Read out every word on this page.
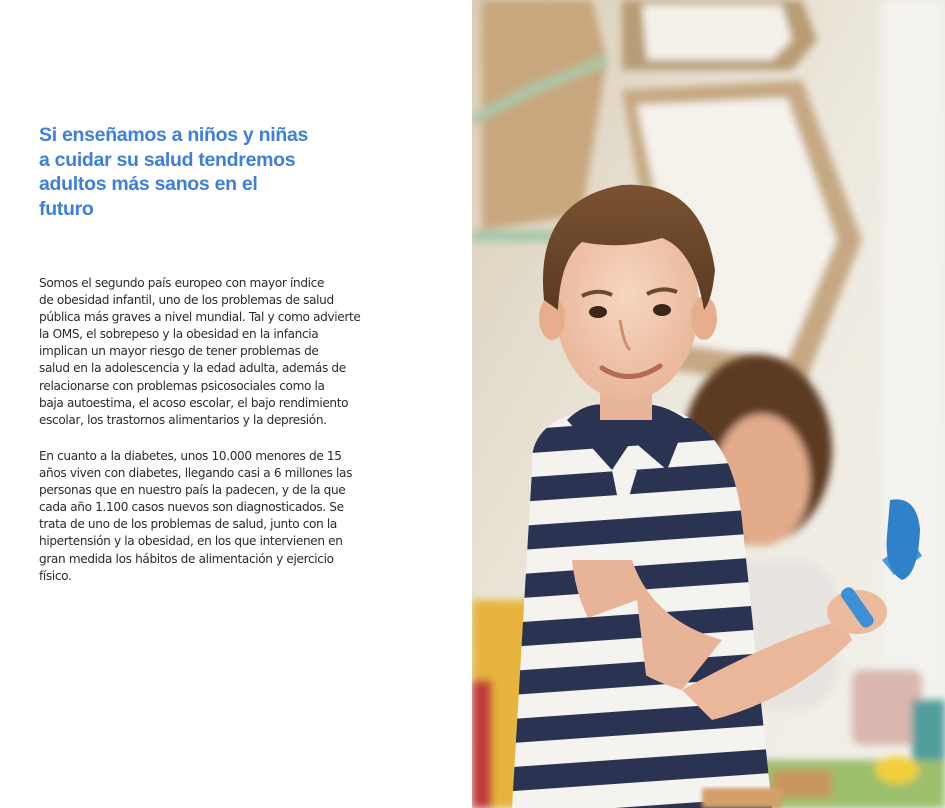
Si enseñamos a niños y niñas
a cuidar su salud tendremos
adultos más sanos en el
futuro
Somos el segundo país europeo con mayor índice
de obesidad infantil, uno de los problemas de salud
pública más graves a nivel mundial. Tal y como advierte
la OMS, el sobrepeso y la obesidad en la infancia
implican un mayor riesgo de tener problemas de
salud en la adolescencia y la edad adulta, además de
relacionarse con problemas psicosociales como la
baja autoestima, el acoso escolar, el bajo rendimiento
escolar, los trastornos alimentarios y la depresión.
En cuanto a la diabetes, unos 10.000 menores de 15
años viven con diabetes, llegando casi a 6 millones las
personas que en nuestro país la padecen, y de la que
cada año 1.100 casos nuevos son diagnosticados. Se
trata de uno de los problemas de salud, junto con la
hipertensión y la obesidad, en los que intervienen en
gran medida los hábitos de alimentación y ejercicio
físico.
